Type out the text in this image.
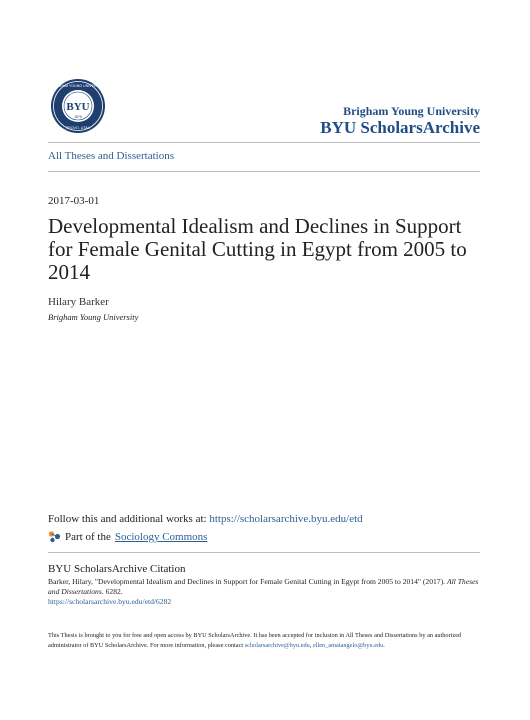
BYU
1875
BRIGHAM YOUNG UNIVERSITY
PROVO, UTAH
Brigham Young University
BYU ScholarsArchive
All Theses and Dissertations
2017-03-01
Developmental Idealism and Declines in Support for Female Genital Cutting in Egypt from 2005 to 2014
Hilary Barker
Brigham Young University
Follow this and additional works at: https://scholarsarchive.byu.edu/etd
Part of the Sociology Commons
BYU ScholarsArchive Citation
Barker, Hilary, "Developmental Idealism and Declines in Support for Female Genital Cutting in Egypt from 2005 to 2014" (2017). All Theses and Dissertations. 6282.
https://scholarsarchive.byu.edu/etd/6282
This Thesis is brought to you for free and open access by BYU ScholarsArchive. It has been accepted for inclusion in All Theses and Dissertations by an authorized administrator of BYU ScholarsArchive. For more information, please contact scholarsarchive@byu.edu, ellen_amatangelo@byu.edu.
